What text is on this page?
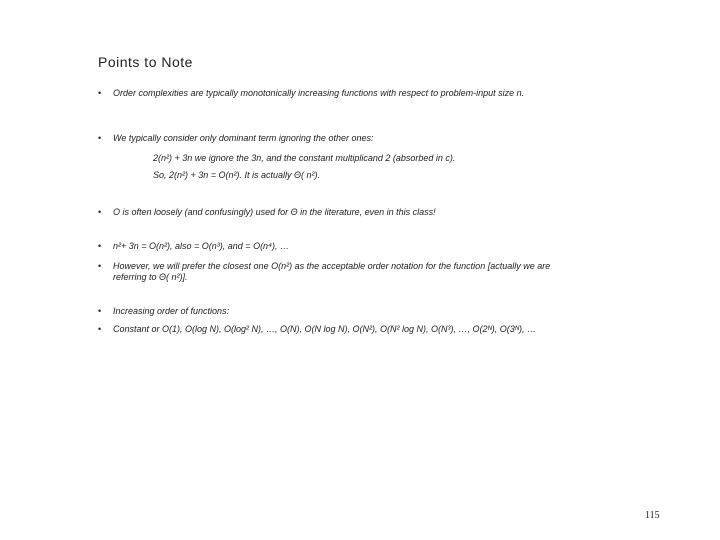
Points to Note
• Order complexities are typically monotonically increasing functions with respect to problem-input size n.
• We typically consider only dominant term ignoring the other ones:
2(n²) + 3n we ignore the 3n, and the constant multiplicand 2 (absorbed in c).
So, 2(n²) + 3n = O(n²). It is actually Θ( n²).
• O is often loosely (and confusingly) used for Θ in the literature, even in this class!
• n²+ 3n = O(n²), also = O(n³), and = O(n⁴), …
• However, we will prefer the closest one O(n²) as the acceptable order notation for the function [actually we are referring to Θ( n²)].
• Increasing order of functions:
• Constant or O(1), O(log N), O(log² N), …, O(N), O(N log N), O(N²), O(N² log N), O(N³), …, O(2ᴺ), O(3ᴺ), …
115
